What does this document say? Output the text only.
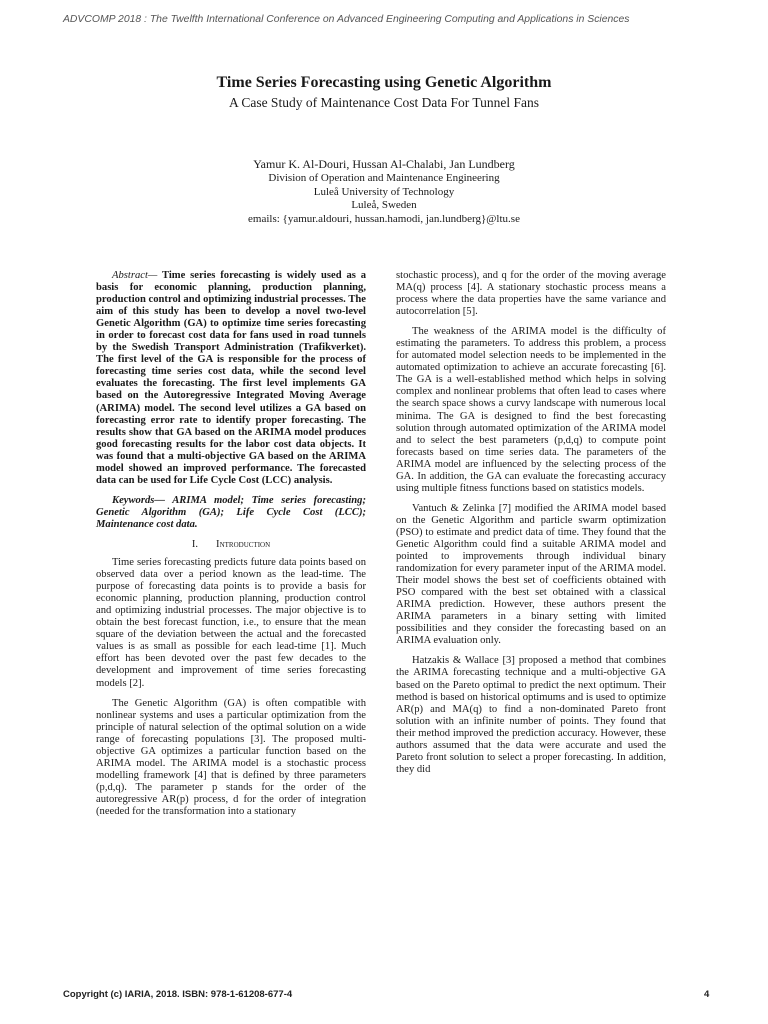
ADVCOMP 2018 : The Twelfth International Conference on Advanced Engineering Computing and Applications in Sciences
Time Series Forecasting using Genetic Algorithm
A Case Study of Maintenance Cost Data For Tunnel Fans
Yamur K. Al-Douri, Hussan Al-Chalabi, Jan Lundberg
Division of Operation and Maintenance Engineering
Luleå University of Technology
Luleå, Sweden
emails: {yamur.aldouri, hussan.hamodi, jan.lundberg}@ltu.se

Abstract— Time series forecasting is widely used as a basis for economic planning, production planning, production control and optimizing industrial processes. The aim of this study has been to develop a novel two-level Genetic Algorithm (GA) to optimize time series forecasting in order to forecast cost data for fans used in road tunnels by the Swedish Transport Administration (Trafikverket). The first level of the GA is responsible for the process of forecasting time series cost data, while the second level evaluates the forecasting. The first level implements GA based on the Autoregressive Integrated Moving Average (ARIMA) model. The second level utilizes a GA based on forecasting error rate to identify proper forecasting. The results show that GA based on the ARIMA model produces good forecasting results for the labor cost data objects. It was found that a multi-objective GA based on the ARIMA model showed an improved performance. The forecasted data can be used for Life Cycle Cost (LCC) analysis.

Keywords— ARIMA model; Time series forecasting; Genetic Algorithm (GA); Life Cycle Cost (LCC); Maintenance cost data.

I. Introduction

Time series forecasting predicts future data points based on observed data over a period known as the lead-time. The purpose of forecasting data points is to provide a basis for economic planning, production planning, production control and optimizing industrial processes. The major objective is to obtain the best forecast function, i.e., to ensure that the mean square of the deviation between the actual and the forecasted values is as small as possible for each lead-time [1]. Much effort has been devoted over the past few decades to the development and improvement of time series forecasting models [2].

The Genetic Algorithm (GA) is often compatible with nonlinear systems and uses a particular optimization from the principle of natural selection of the optimal solution on a wide range of forecasting populations [3]. The proposed multi-objective GA optimizes a particular function based on the ARIMA model. The ARIMA model is a stochastic process modelling framework [4] that is defined by three parameters (p,d,q). The parameter p stands for the order of the autoregressive AR(p) process, d for the order of integration (needed for the transformation into a stationary

stochastic process), and q for the order of the moving average MA(q) process [4]. A stationary stochastic process means a process where the data properties have the same variance and autocorrelation [5].

The weakness of the ARIMA model is the difficulty of estimating the parameters. To address this problem, a process for automated model selection needs to be implemented in the automated optimization to achieve an accurate forecasting [6]. The GA is a well-established method which helps in solving complex and nonlinear problems that often lead to cases where the search space shows a curvy landscape with numerous local minima. The GA is designed to find the best forecasting solution through automated optimization of the ARIMA model and to select the best parameters (p,d,q) to compute point forecasts based on time series data. The parameters of the ARIMA model are influenced by the selecting process of the GA. In addition, the GA can evaluate the forecasting accuracy using multiple fitness functions based on statistics models.

Vantuch & Zelinka [7] modified the ARIMA model based on the Genetic Algorithm and particle swarm optimization (PSO) to estimate and predict data of time. They found that the Genetic Algorithm could find a suitable ARIMA model and pointed to improvements through individual binary randomization for every parameter input of the ARIMA model. Their model shows the best set of coefficients obtained with PSO compared with the best set obtained with a classical ARIMA prediction. However, these authors present the ARIMA parameters in a binary setting with limited possibilities and they consider the forecasting based on an ARIMA evaluation only.

Hatzakis & Wallace [3] proposed a method that combines the ARIMA forecasting technique and a multi-objective GA based on the Pareto optimal to predict the next optimum. Their method is based on historical optimums and is used to optimize AR(p) and MA(q) to find a non-dominated Pareto front solution with an infinite number of points. They found that their method improved the prediction accuracy. However, these authors assumed that the data were accurate and used the Pareto front solution to select a proper forecasting. In addition, they did

Copyright (c) IARIA, 2018. ISBN: 978-1-61208-677-4	4
